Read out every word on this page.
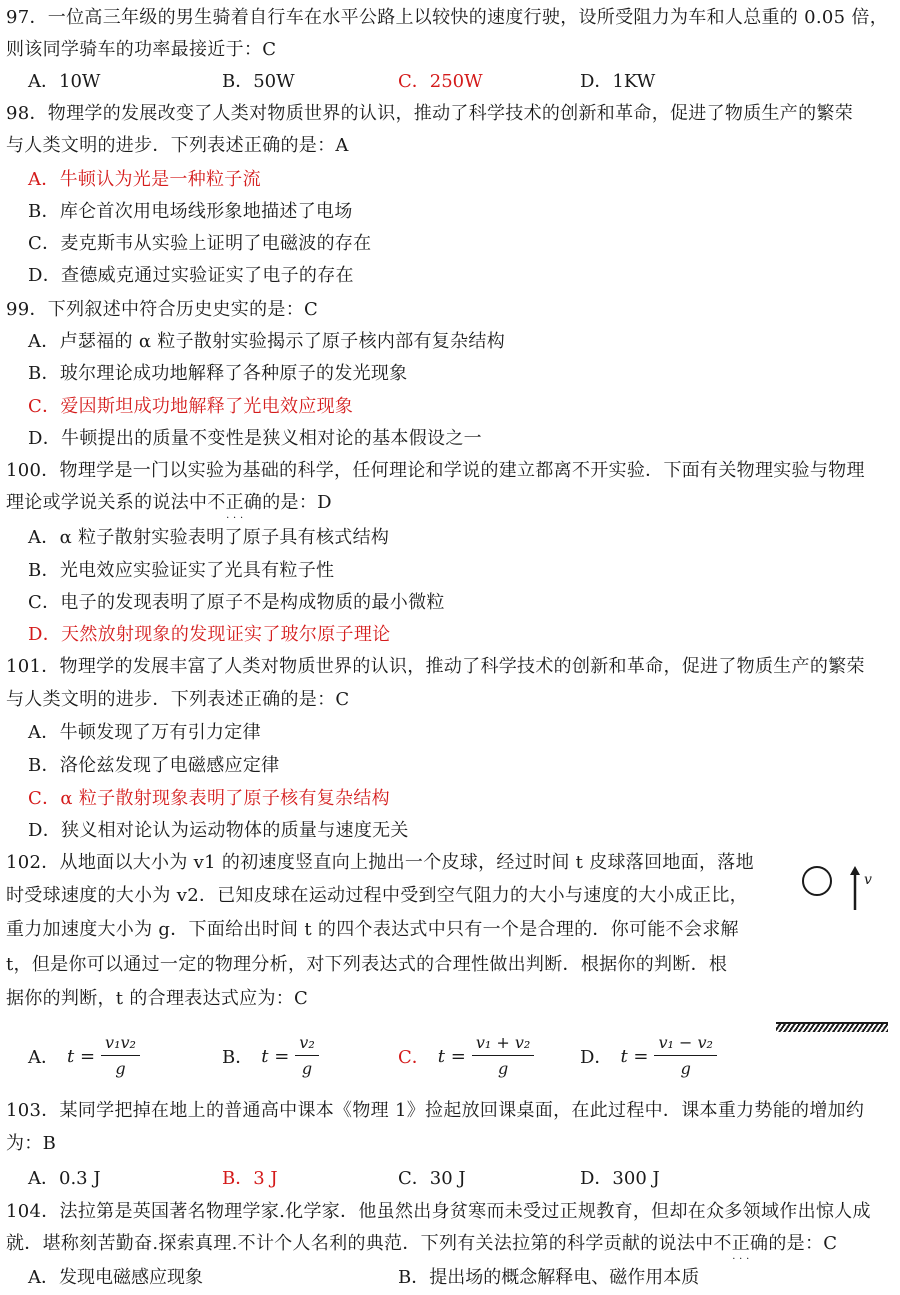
97．一位高三年级的男生骑着自行车在水平公路上以较快的速度行驶，设所受阻力为车和人总重的 0.05 倍，
则该同学骑车的功率最接近于：C
A．10W	B．50W	C．250W	D．1KW
98．物理学的发展改变了人类对物质世界的认识，推动了科学技术的创新和革命，促进了物质生产的繁荣
与人类文明的进步．下列表述正确的是：A
A．牛顿认为光是一种粒子流
B．库仑首次用电场线形象地描述了电场
C．麦克斯韦从实验上证明了电磁波的存在
D．查德威克通过实验证实了电子的存在
99．下列叙述中符合历史史实的是：C
A．卢瑟福的 α 粒子散射实验揭示了原子核内部有复杂结构
B．玻尔理论成功地解释了各种原子的发光现象
C．爱因斯坦成功地解释了光电效应现象
D．牛顿提出的质量不变性是狭义相对论的基本假设之一
100．物理学是一门以实验为基础的科学，任何理论和学说的建立都离不开实验．下面有关物理实验与物理
理论或学说关系的说法中不正确
· · ·
的是：D
A．α 粒子散射实验表明了原子具有核式结构
B．光电效应实验证实了光具有粒子性
C．电子的发现表明了原子不是构成物质的最小微粒
D．天然放射现象的发现证实了玻尔原子理论
101．物理学的发展丰富了人类对物质世界的认识，推动了科学技术的创新和革命，促进了物质生产的繁荣
与人类文明的进步．下列表述正确的是：C
A．牛顿发现了万有引力定律
B．洛伦兹发现了电磁感应定律
C．α 粒子散射现象表明了原子核有复杂结构
D．狭义相对论认为运动物体的质量与速度无关
102．从地面以大小为 v1 的初速度竖直向上抛出一个皮球，经过时间 t 皮球落回地面，落地
时受球速度的大小为 v2．已知皮球在运动过程中受到空气阻力的大小与速度的大小成正比，
重力加速度大小为 g．下面给出时间 t 的四个表达式中只有一个是合理的．你可能不会求解
t，但是你可以通过一定的物理分析，对下列表达式的合理性做出判断．根据你的判断．根
据你的判断，t 的合理表达式应为：C
v
A． $t = \frac{\text{v₁v₂}}{g}$	B． $t = \frac{\text{v₂}}{g}$	C． $t = \frac{\text{v₁ + v₂}}{g}$	D． $t = \frac{\text{v₁ − v₂}}{g}$
103．某同学把掉在地上的普通高中课本《物理 1》捡起放回课桌面，在此过程中．课本重力势能的增加约
为：B
A．0.3 J	B．3 J	C．30 J	D．300 J
104．法拉第是英国著名物理学家.化学家．他虽然出身贫寒而未受过正规教育，但却在众多领域作出惊人成
就．堪称刻苦勤奋.探索真理.不计个人名利的典范．下列有关法拉第的科学贡献的说法中不正确
· · ·
的是：C
A．发现电磁感应现象	B．提出场的概念解释电、磁作用本质
